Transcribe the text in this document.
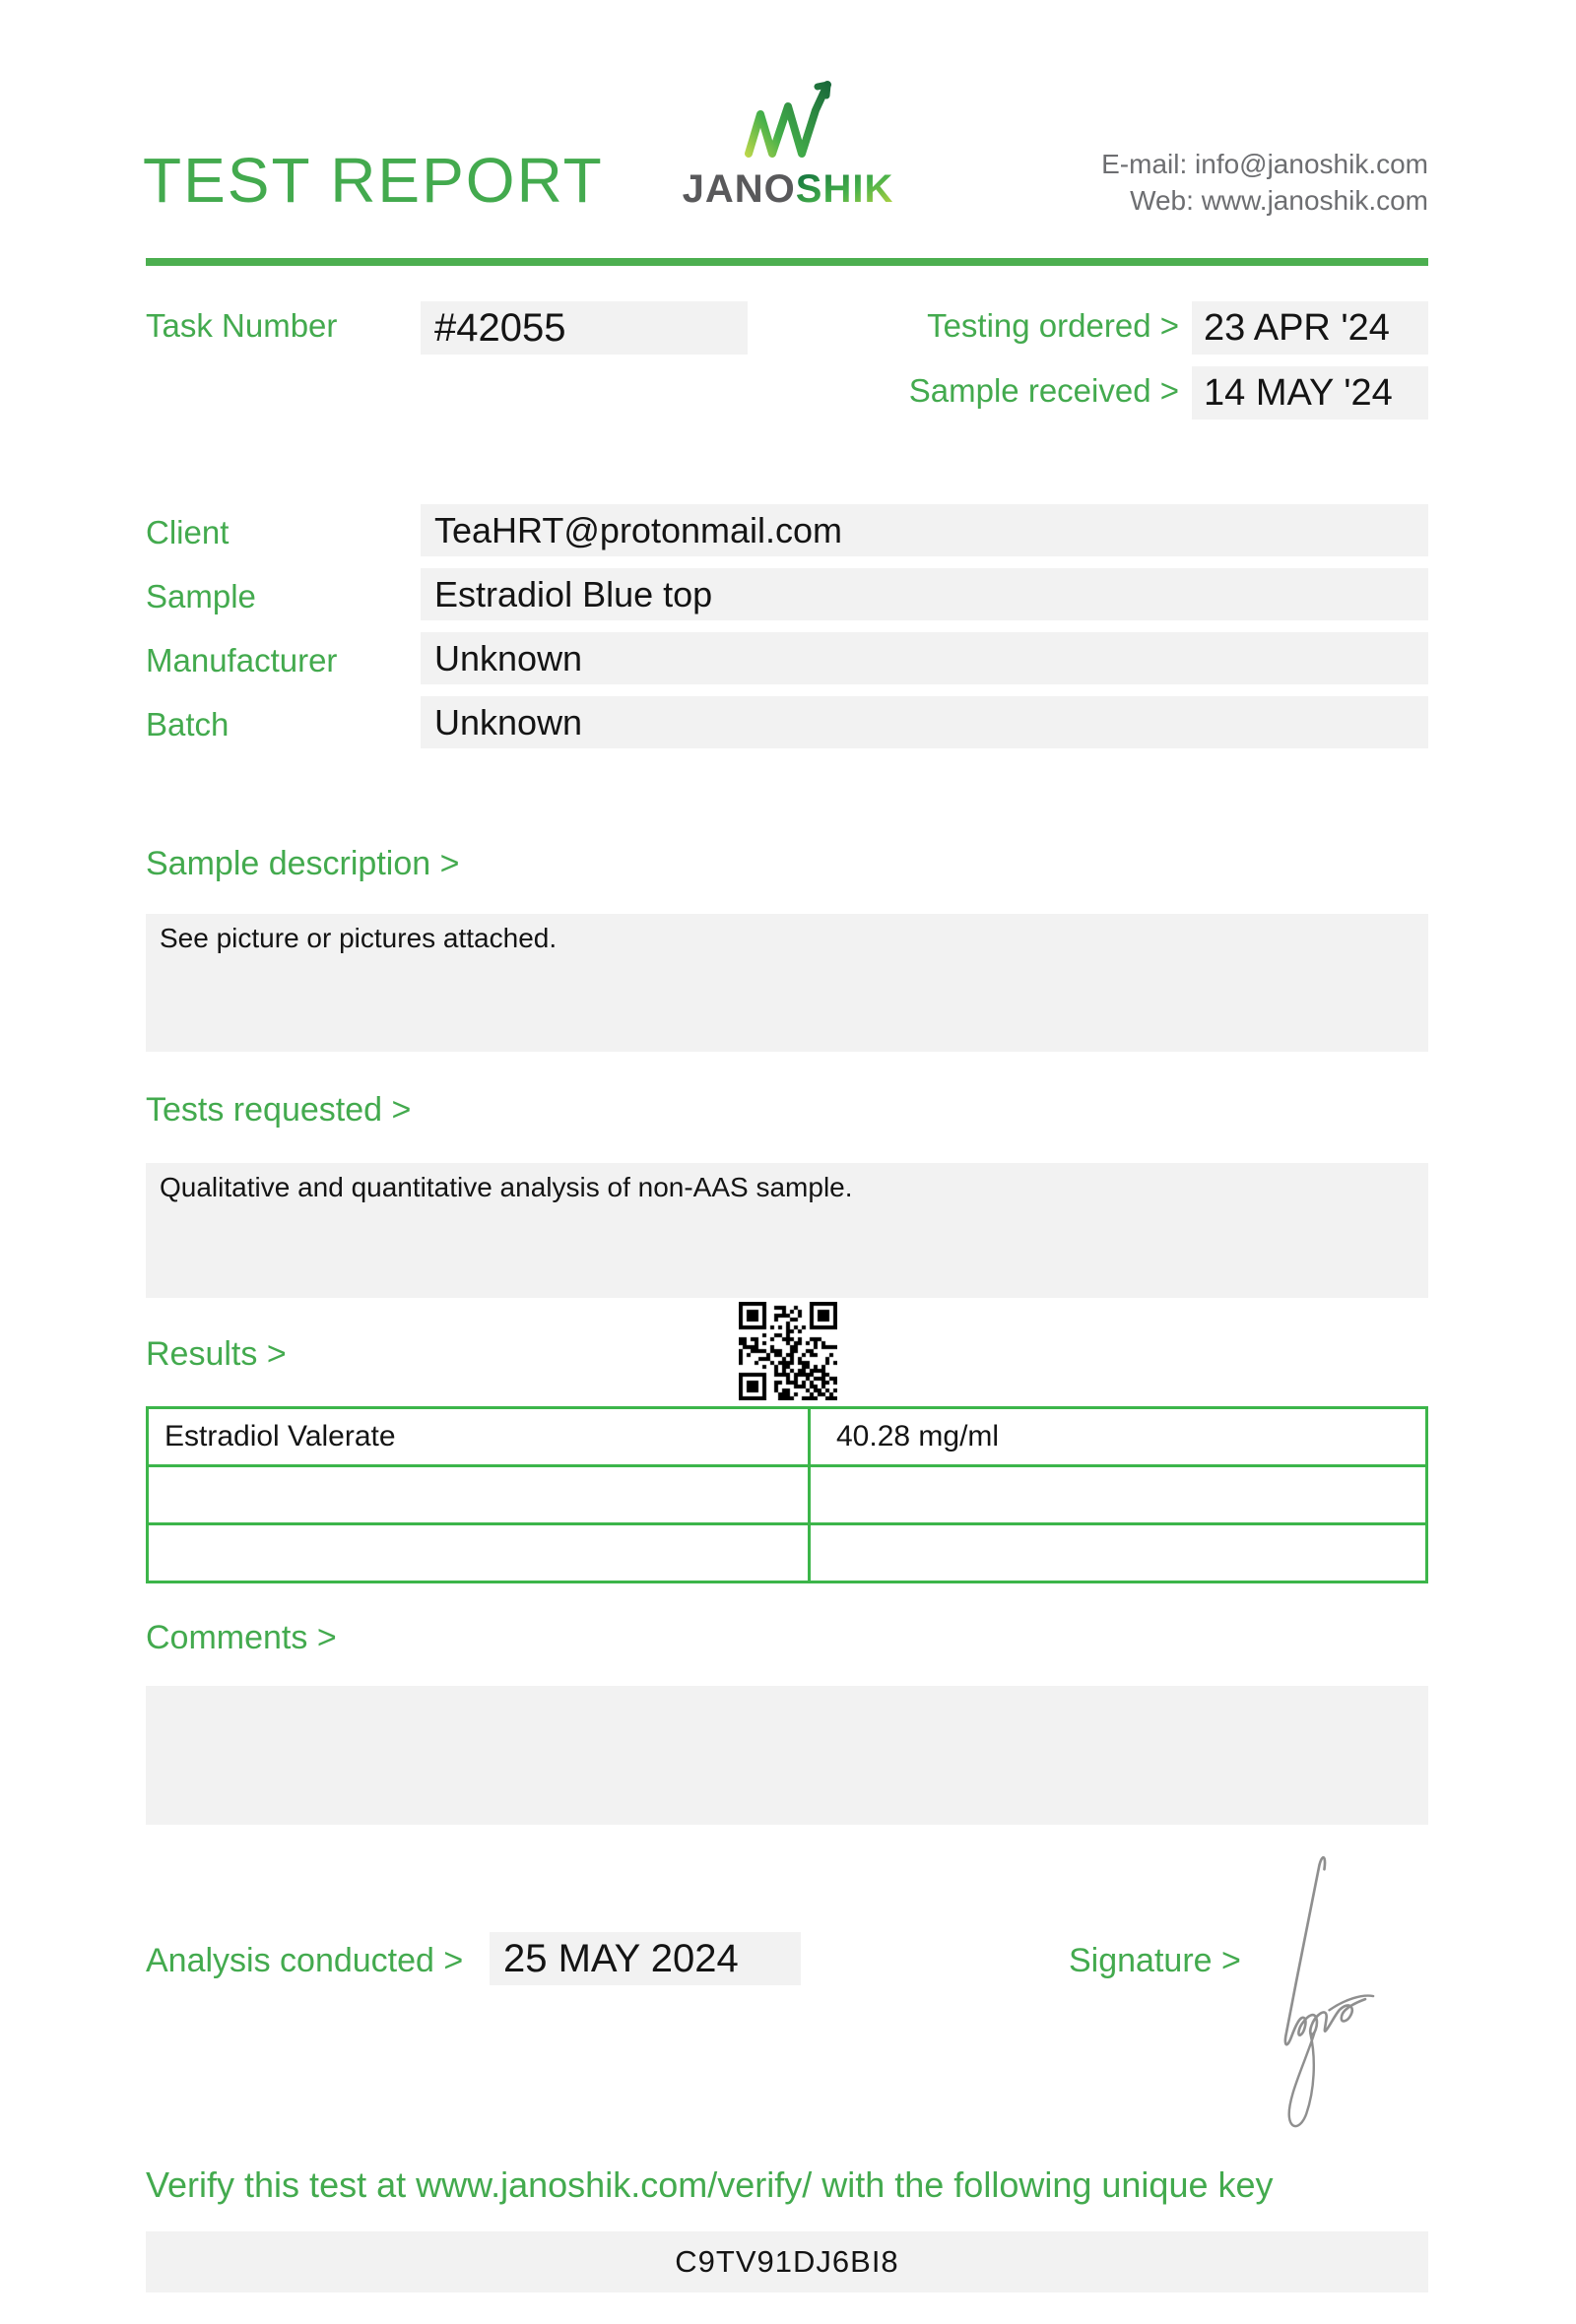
TEST REPORT JANOSHIK
E-mail: info@janoshik.com
Web: www.janoshik.com
Task Number	#42055	Testing ordered > 23 APR '24
Sample received > 14 MAY '24
Client	TeaHRT@protonmail.com
Sample	Estradiol Blue top
Manufacturer	Unknown
Batch	Unknown
Sample description >
See picture or pictures attached.
Tests requested >
Qualitative and quantitative analysis of non-AAS sample.
Results >
Estradiol Valerate	40.28 mg/ml

Comments >
Analysis conducted >	25 MAY 2024	Signature >
Verify this test at www.janoshik.com/verify/ with the following unique key
C9TV91DJ6BI8
